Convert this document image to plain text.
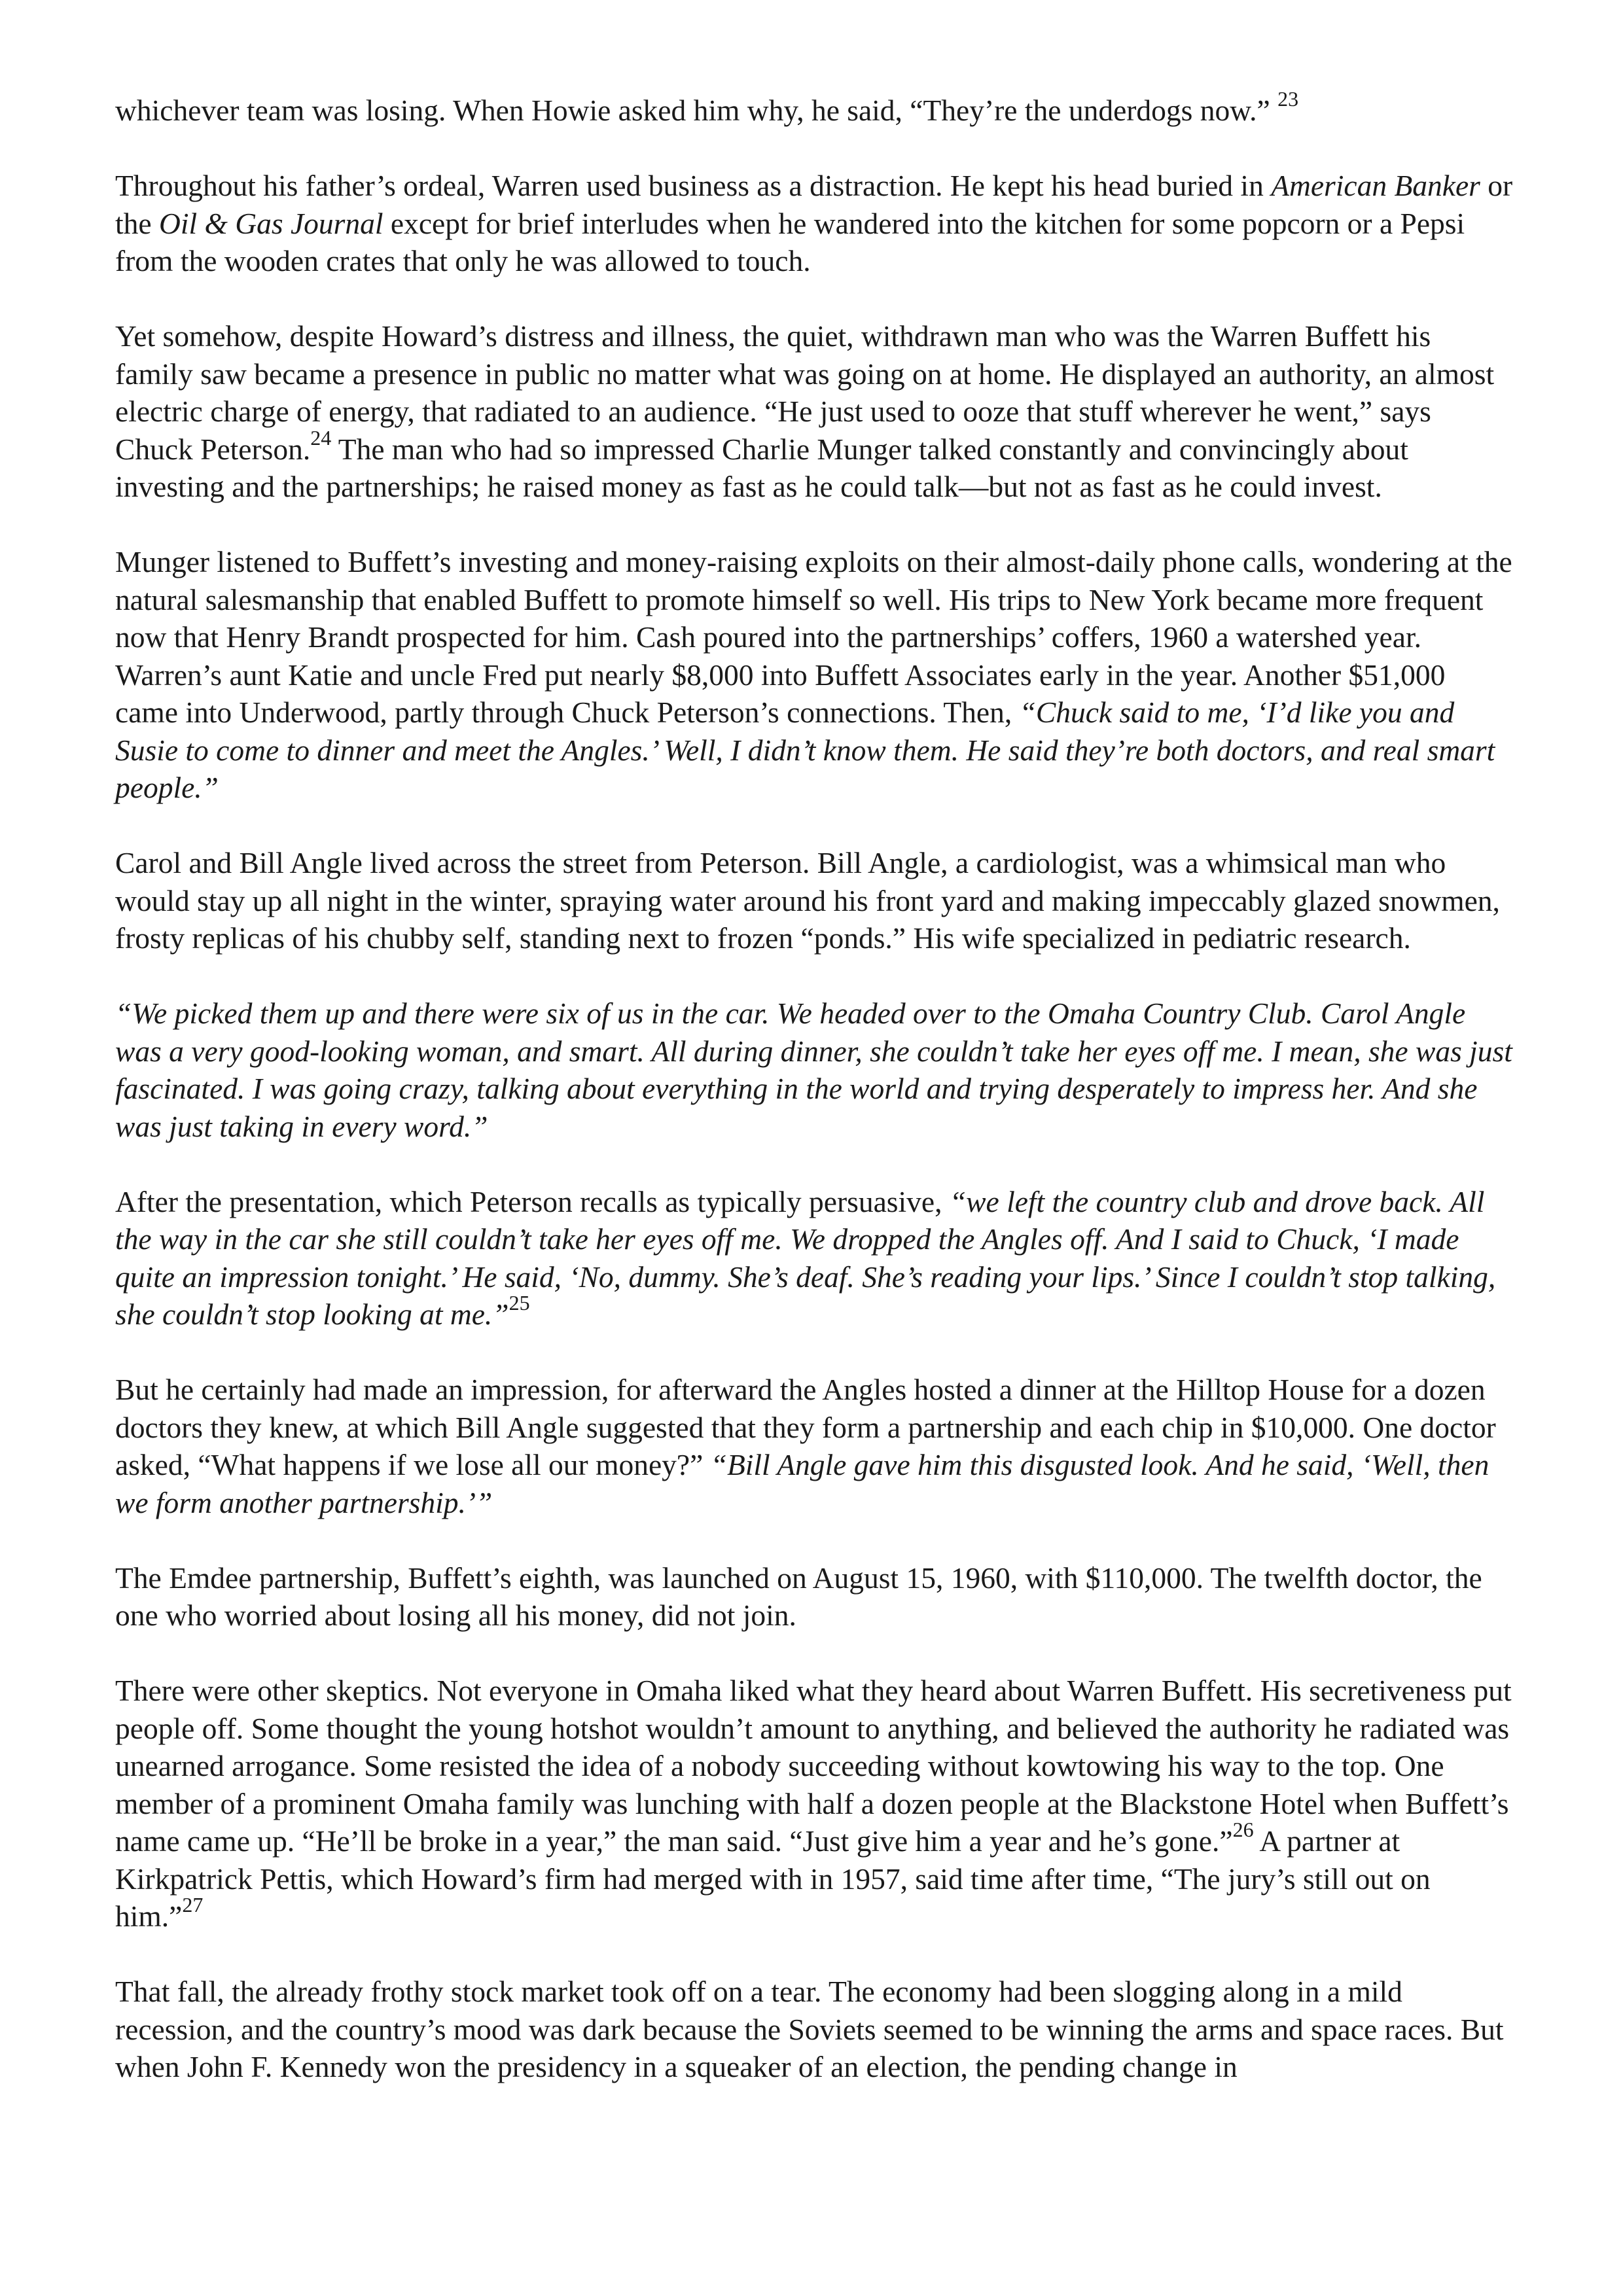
whichever team was losing. When Howie asked him why, he said, “They’re the underdogs now.” $^{23}$

Throughout his father’s ordeal, Warren used business as a distraction. He kept his head buried in American Banker or the Oil & Gas Journal except for brief interludes when he wandered into the kitchen for some popcorn or a Pepsi from the wooden crates that only he was allowed to touch.

Yet somehow, despite Howard’s distress and illness, the quiet, withdrawn man who was the Warren Buffett his family saw became a presence in public no matter what was going on at home. He displayed an authority, an almost electric charge of energy, that radiated to an audience. “He just used to ooze that stuff wherever he went,” says Chuck Peterson.$^{24}$ The man who had so impressed Charlie Munger talked constantly and convincingly about investing and the partnerships; he raised money as fast as he could talk—but not as fast as he could invest.

Munger listened to Buffett’s investing and money-raising exploits on their almost-daily phone calls, wondering at the natural salesmanship that enabled Buffett to promote himself so well. His trips to New York became more frequent now that Henry Brandt prospected for him. Cash poured into the partnerships’ coffers, 1960 a watershed year. Warren’s aunt Katie and uncle Fred put nearly $8,000 into Buffett Associates early in the year. Another $51,000 came into Underwood, partly through Chuck Peterson’s connections. Then, “Chuck said to me, ‘I’d like you and Susie to come to dinner and meet the Angles.’ Well, I didn’t know them. He said they’re both doctors, and real smart people.”

Carol and Bill Angle lived across the street from Peterson. Bill Angle, a cardiologist, was a whimsical man who would stay up all night in the winter, spraying water around his front yard and making impeccably glazed snowmen, frosty replicas of his chubby self, standing next to frozen “ponds.” His wife specialized in pediatric research.

“We picked them up and there were six of us in the car. We headed over to the Omaha Country Club. Carol Angle was a very good-looking woman, and smart. All during dinner, she couldn’t take her eyes off me. I mean, she was just fascinated. I was going crazy, talking about everything in the world and trying desperately to impress her. And she was just taking in every word.”

After the presentation, which Peterson recalls as typically persuasive, “we left the country club and drove back. All the way in the car she still couldn’t take her eyes off me. We dropped the Angles off. And I said to Chuck, ‘I made quite an impression tonight.’ He said, ‘No, dummy. She’s deaf. She’s reading your lips.’ Since I couldn’t stop talking, she couldn’t stop looking at me.”$^{25}$

But he certainly had made an impression, for afterward the Angles hosted a dinner at the Hilltop House for a dozen doctors they knew, at which Bill Angle suggested that they form a partnership and each chip in $10,000. One doctor asked, “What happens if we lose all our money?” “Bill Angle gave him this disgusted look. And he said, ‘Well, then we form another partnership.’”

The Emdee partnership, Buffett’s eighth, was launched on August 15, 1960, with $110,000. The twelfth doctor, the one who worried about losing all his money, did not join.

There were other skeptics. Not everyone in Omaha liked what they heard about Warren Buffett. His secretiveness put people off. Some thought the young hotshot wouldn’t amount to anything, and believed the authority he radiated was unearned arrogance. Some resisted the idea of a nobody succeeding without kowtowing his way to the top. One member of a prominent Omaha family was lunching with half a dozen people at the Blackstone Hotel when Buffett’s name came up. “He’ll be broke in a year,” the man said. “Just give him a year and he’s gone.”$^{26}$ A partner at Kirkpatrick Pettis, which Howard’s firm had merged with in 1957, said time after time, “The jury’s still out on him.”$^{27}$

That fall, the already frothy stock market took off on a tear. The economy had been slogging along in a mild recession, and the country’s mood was dark because the Soviets seemed to be winning the arms and space races. But when John F. Kennedy won the presidency in a squeaker of an election, the pending change in
